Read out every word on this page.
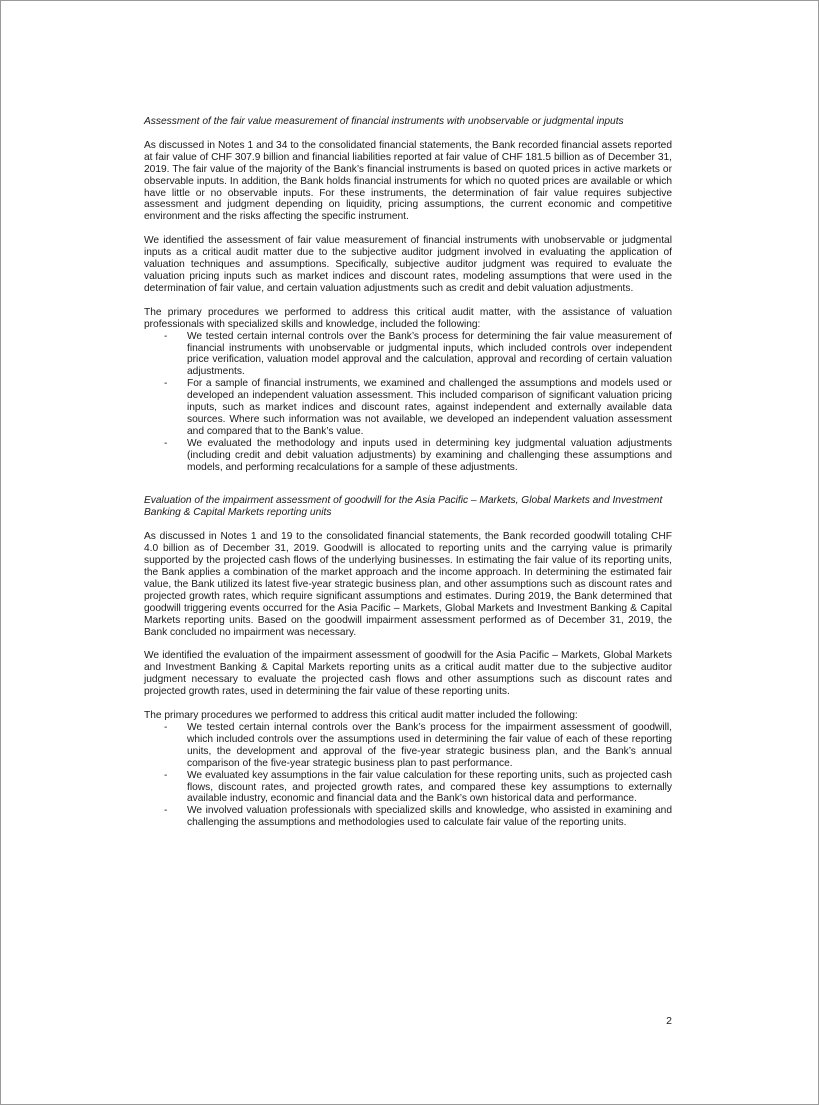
Assessment of the fair value measurement of financial instruments with unobservable or judgmental inputs

As discussed in Notes 1 and 34 to the consolidated financial statements, the Bank recorded financial assets reported at fair value of CHF 307.9 billion and financial liabilities reported at fair value of CHF 181.5 billion as of December 31, 2019. The fair value of the majority of the Bank’s financial instruments is based on quoted prices in active markets or observable inputs. In addition, the Bank holds financial instruments for which no quoted prices are available or which have little or no observable inputs. For these instruments, the determination of fair value requires subjective assessment and judgment depending on liquidity, pricing assumptions, the current economic and competitive environment and the risks affecting the specific instrument.

We identified the assessment of fair value measurement of financial instruments with unobservable or judgmental inputs as a critical audit matter due to the subjective auditor judgment involved in evaluating the application of valuation techniques and assumptions. Specifically, subjective auditor judgment was required to evaluate the valuation pricing inputs such as market indices and discount rates, modeling assumptions that were used in the determination of fair value, and certain valuation adjustments such as credit and debit valuation adjustments.

The primary procedures we performed to address this critical audit matter, with the assistance of valuation professionals with specialized skills and knowledge, included the following:

- We tested certain internal controls over the Bank’s process for determining the fair value measurement of financial instruments with unobservable or judgmental inputs, which included controls over independent price verification, valuation model approval and the calculation, approval and recording of certain valuation adjustments.
- For a sample of financial instruments, we examined and challenged the assumptions and models used or developed an independent valuation assessment. This included comparison of significant valuation pricing inputs, such as market indices and discount rates, against independent and externally available data sources. Where such information was not available, we developed an independent valuation assessment and compared that to the Bank’s value.
- We evaluated the methodology and inputs used in determining key judgmental valuation adjustments (including credit and debit valuation adjustments) by examining and challenging these assumptions and models, and performing recalculations for a sample of these adjustments.
Evaluation of the impairment assessment of goodwill for the Asia Pacific – Markets, Global Markets and Investment Banking & Capital Markets reporting units

As discussed in Notes 1 and 19 to the consolidated financial statements, the Bank recorded goodwill totaling CHF 4.0 billion as of December 31, 2019. Goodwill is allocated to reporting units and the carrying value is primarily supported by the projected cash flows of the underlying businesses. In estimating the fair value of its reporting units, the Bank applies a combination of the market approach and the income approach. In determining the estimated fair value, the Bank utilized its latest five-year strategic business plan, and other assumptions such as discount rates and projected growth rates, which require significant assumptions and estimates. During 2019, the Bank determined that goodwill triggering events occurred for the Asia Pacific – Markets, Global Markets and Investment Banking & Capital Markets reporting units. Based on the goodwill impairment assessment performed as of December 31, 2019, the Bank concluded no impairment was necessary.

We identified the evaluation of the impairment assessment of goodwill for the Asia Pacific – Markets, Global Markets and Investment Banking & Capital Markets reporting units as a critical audit matter due to the subjective auditor judgment necessary to evaluate the projected cash flows and other assumptions such as discount rates and projected growth rates, used in determining the fair value of these reporting units.

The primary procedures we performed to address this critical audit matter included the following:

- We tested certain internal controls over the Bank’s process for the impairment assessment of goodwill, which included controls over the assumptions used in determining the fair value of each of these reporting units, the development and approval of the five-year strategic business plan, and the Bank’s annual comparison of the five-year strategic business plan to past performance.
- We evaluated key assumptions in the fair value calculation for these reporting units, such as projected cash flows, discount rates, and projected growth rates, and compared these key assumptions to externally available industry, economic and financial data and the Bank’s own historical data and performance.
- We involved valuation professionals with specialized skills and knowledge, who assisted in examining and challenging the assumptions and methodologies used to calculate fair value of the reporting units.
2
